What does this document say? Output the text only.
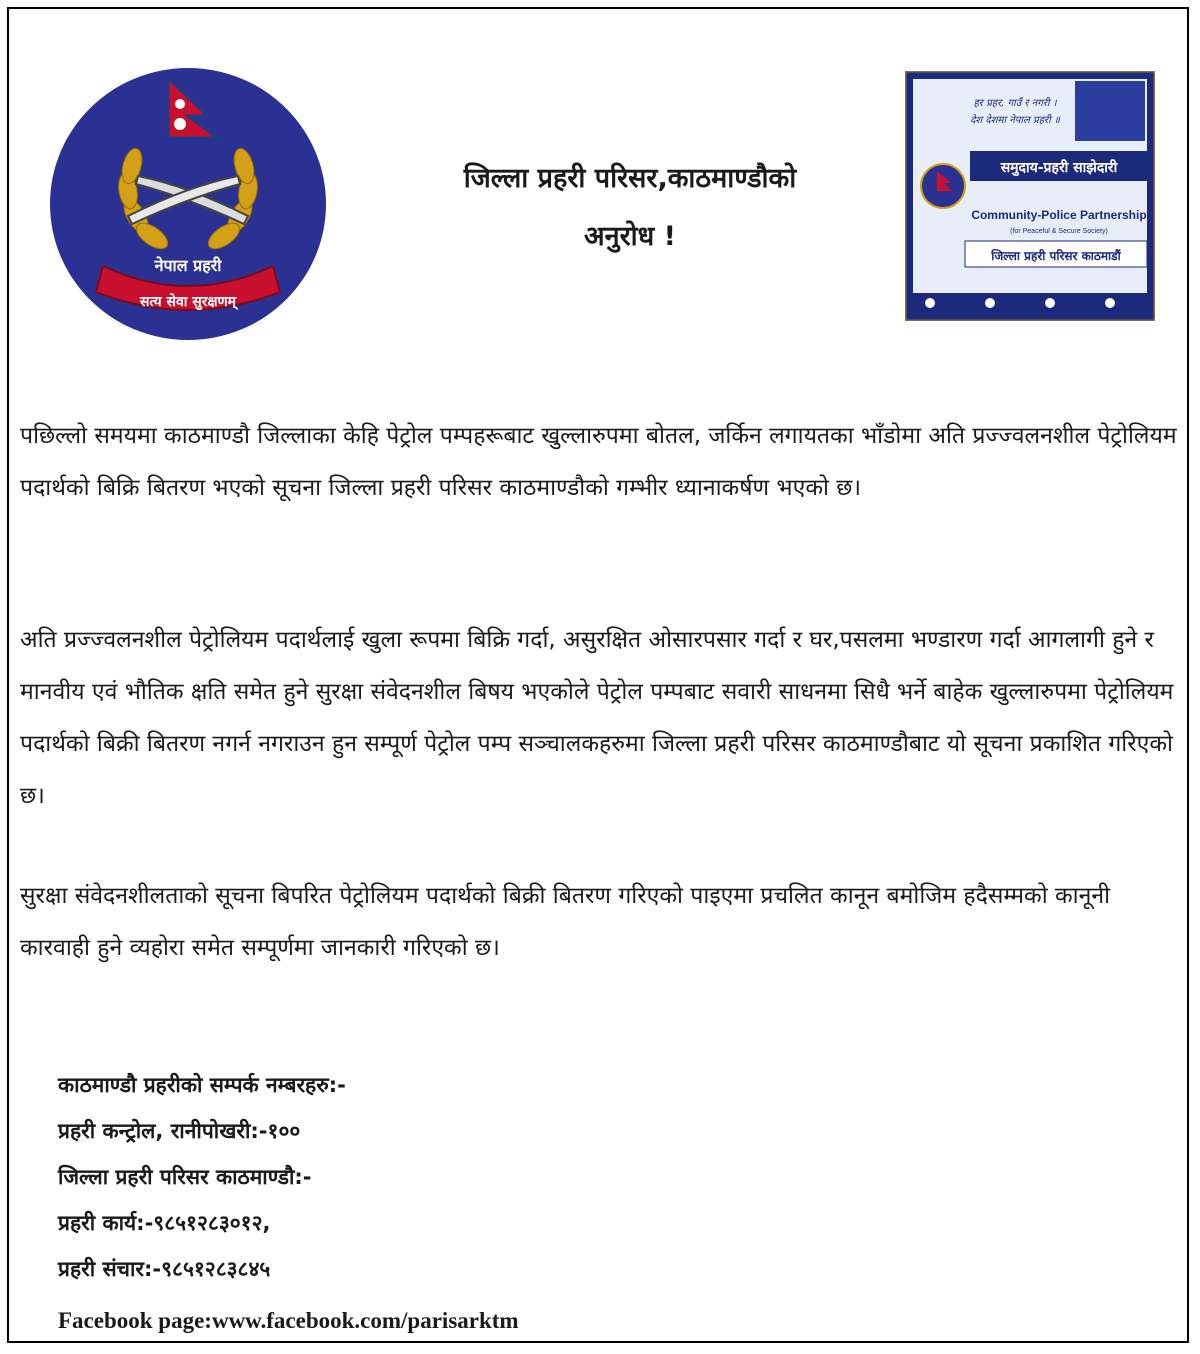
नेपाल प्रहरी
सत्य सेवा सुरक्षणम्
जिल्ला प्रहरी परिसर,काठमाण्डौको
अनुरोध !
हर प्रहर, गाउँ र नगरी ।
देश देशमा नेपाल प्रहरी ॥
समुदाय-प्रहरी साझेदारी
Community-Police Partnership
(for Peaceful & Secure Society)
जिल्ला प्रहरी परिसर काठमाडौं

पछिल्लो समयमा काठमाण्डौ जिल्लाका केहि पेट्रोल पम्पहरूबाट खुल्लारुपमा बोतल, जर्किन लगायतका भाँडोमा अति प्रज्ज्वलनशील पेट्रोलियम पदार्थको बिक्रि बितरण भएको सूचना जिल्ला प्रहरी परिसर काठमाण्डौको गम्भीर ध्यानाकर्षण भएको छ।

अति प्रज्ज्वलनशील पेट्रोलियम पदार्थलाई खुला रूपमा बिक्रि गर्दा, असुरक्षित ओसारपसार गर्दा र घर,पसलमा भण्डारण गर्दा आगलागी हुने र मानवीय एवं भौतिक क्षति समेत हुने सुरक्षा संवेदनशील बिषय भएकोले पेट्रोल पम्पबाट सवारी साधनमा सिधै भर्ने बाहेक खुल्लारुपमा पेट्रोलियम पदार्थको बिक्री बितरण नगर्न नगराउन हुन सम्पूर्ण पेट्रोल पम्प सञ्चालकहरुमा जिल्ला प्रहरी परिसर काठमाण्डौबाट यो सूचना प्रकाशित गरिएको छ।

सुरक्षा संवेदनशीलताको सूचना बिपरित पेट्रोलियम पदार्थको बिक्री बितरण गरिएको पाइएमा प्रचलित कानून बमोजिम हदैसम्मको कानूनी कारवाही हुने व्यहोरा समेत सम्पूर्णमा जानकारी गरिएको छ।

काठमाण्डौ प्रहरीको सम्पर्क नम्बरहरु:-
प्रहरी कन्ट्रोल, रानीपोखरी:-१००
जिल्ला प्रहरी परिसर काठमाण्डौ:-
प्रहरी कार्य:-९८५१२८३०१२,
प्रहरी संचार:-९८५१२८३८४५
Facebook page:www.facebook.com/parisarktm
